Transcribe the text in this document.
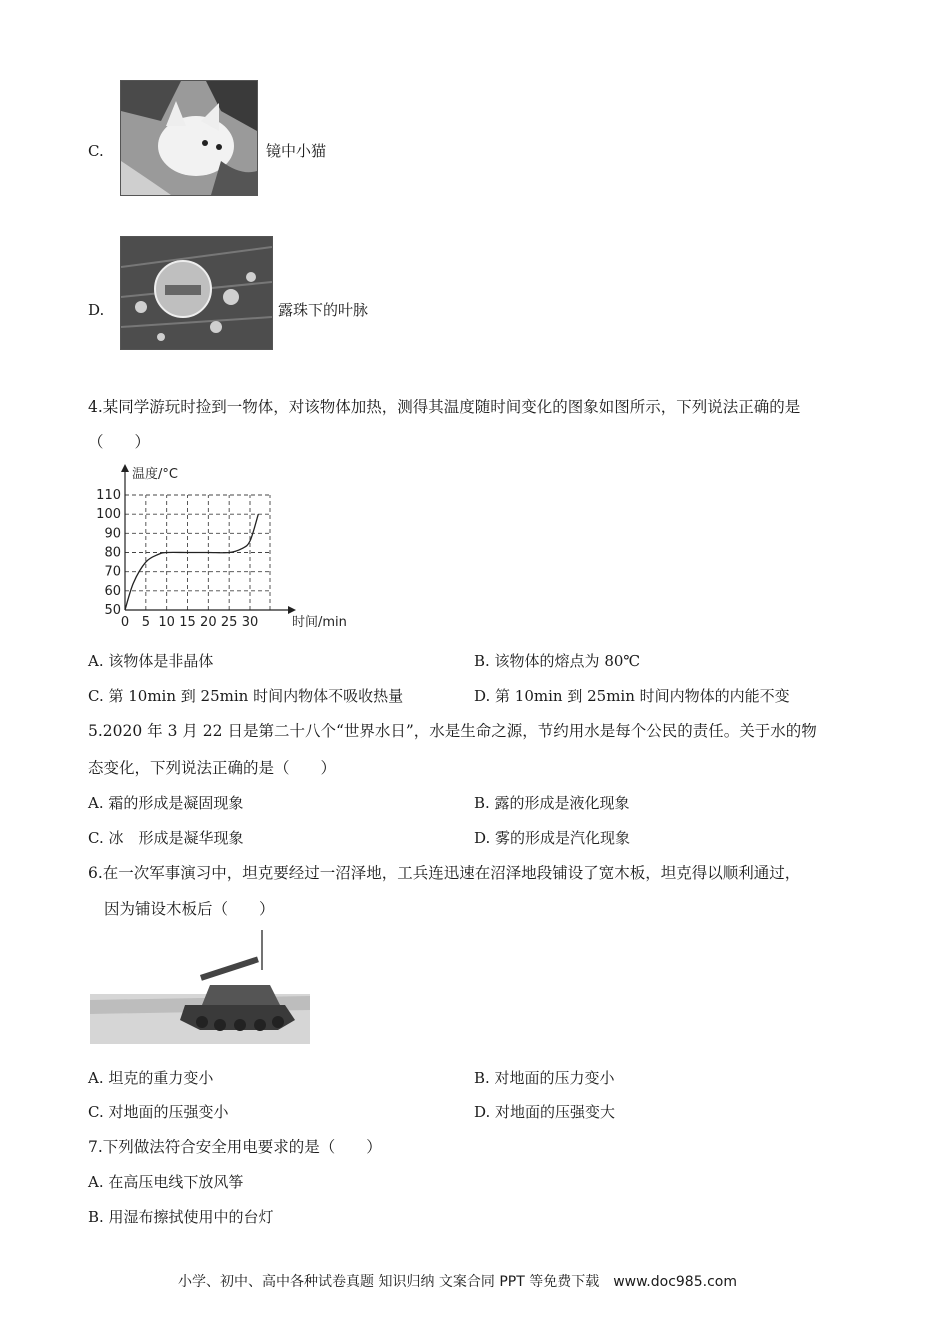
C.	镜中小猫
D.	露珠下的叶脉
4.某同学游玩时捡到一物体，对该物体加热，测得其温度随时间变化的图象如图所示，下列说法正确的是
（　　）
50
60
70
80
90
100
110
0 5 10 15 20 25 30
温度/°C
时间/min
A. 该物体是非晶体	B. 该物体的熔点为 80℃
C. 第 10min 到 25min 时间内物体不吸收热量	D. 第 10min 到 25min 时间内物体的内能不变
5.2020 年 3 月 22 日是第二十八个“世界水日”，水是生命之源，节约用水是每个公民的责任。关于水的物
态变化，下列说法正确的是（　　）
A. 霜的形成是凝固现象	B. 露的形成是液化现象
C. 冰　形成是凝华现象	D. 雾的形成是汽化现象
6.在一次军事演习中，坦克要经过一沼泽地，工兵连迅速在沼泽地段铺设了宽木板，坦克得以顺利通过，
因为铺设木板后（　　）
A. 坦克的重力变小	B. 对地面的压力变小
C. 对地面的压强变小	D. 对地面的压强变大
7.下列做法符合安全用电要求的是（　　）
A. 在高压电线下放风筝
B. 用湿布擦拭使用中的台灯
小学、初中、高中各种试卷真题 知识归纳 文案合同 PPT 等免费下载　www.doc985.com
